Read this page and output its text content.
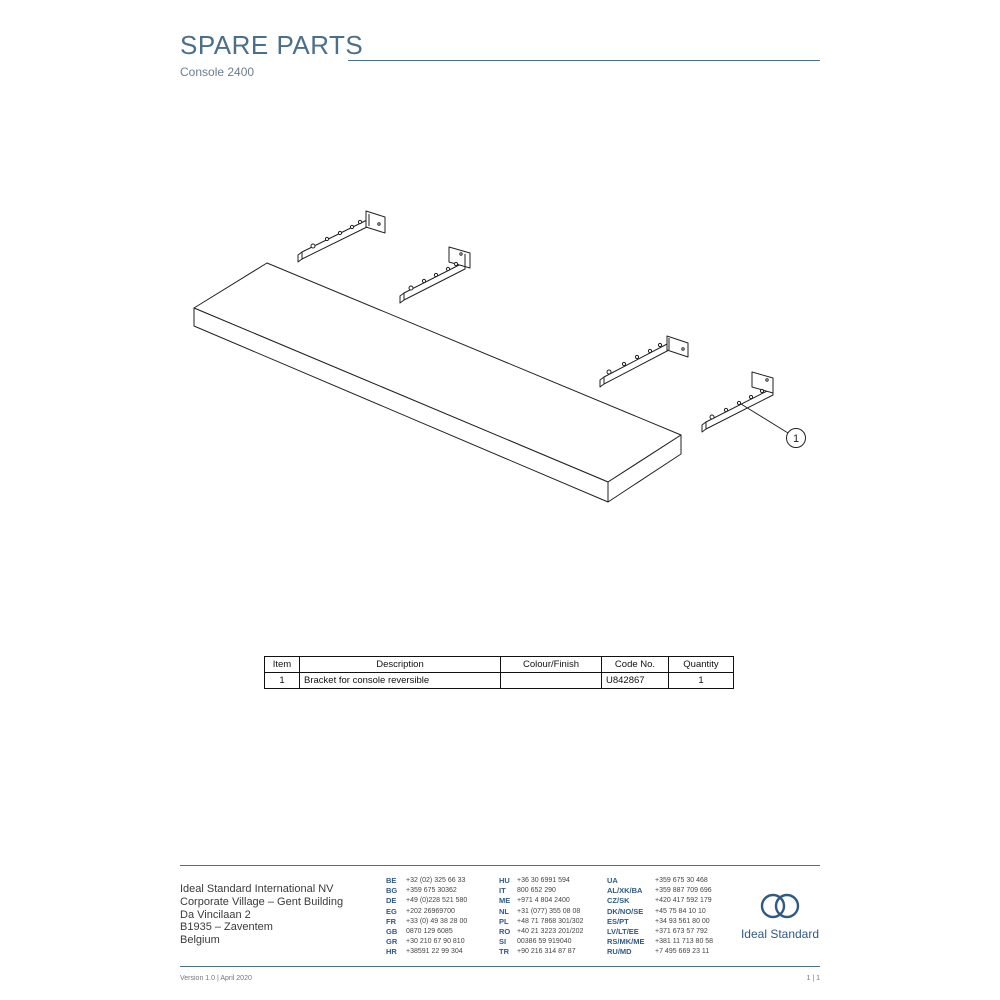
SPARE PARTS
Console 2400
1
Item	Description	Colour/Finish	Code No.	Quantity
1	Bracket for console reversible		U842867	1
Ideal Standard International NV
Corporate Village – Gent Building
Da Vincilaan 2
B1935 – Zaventem
Belgium
BE	+32 (02) 325 66 33
BG	+359 675 30362
DE	+49 (0)228 521 580
EG	+202 26969700
FR	+33 (0) 49 38 28 00
GB	0870 129 6085
GR	+30 210 67 90 810
HR	+38591 22 99 304
HU	+36 30 6991 594
IT	800 652 290
ME +971 4 804 2400
NL	+31 (077) 355 08 08
PL	+48 71 7868 301/302
RO +40 21 3223 201/202
SI	00386 59 919040
TR	+90 216 314 87 87
UA	+359 675 30 468
AL/XK/BA	+359 887 709 696
CZ/SK	+420 417 592 179
DK/NO/SE	+45 75 84 10 10
ES/PT	+34 93 561 80 00
LV/LT/EE	+371 673 57 792
RS/MK/ME	+381 11 713 80 58
RU/MD	+7 495 669 23 11
Ideal Standard
Version 1.0 | April 2020	1 | 1
